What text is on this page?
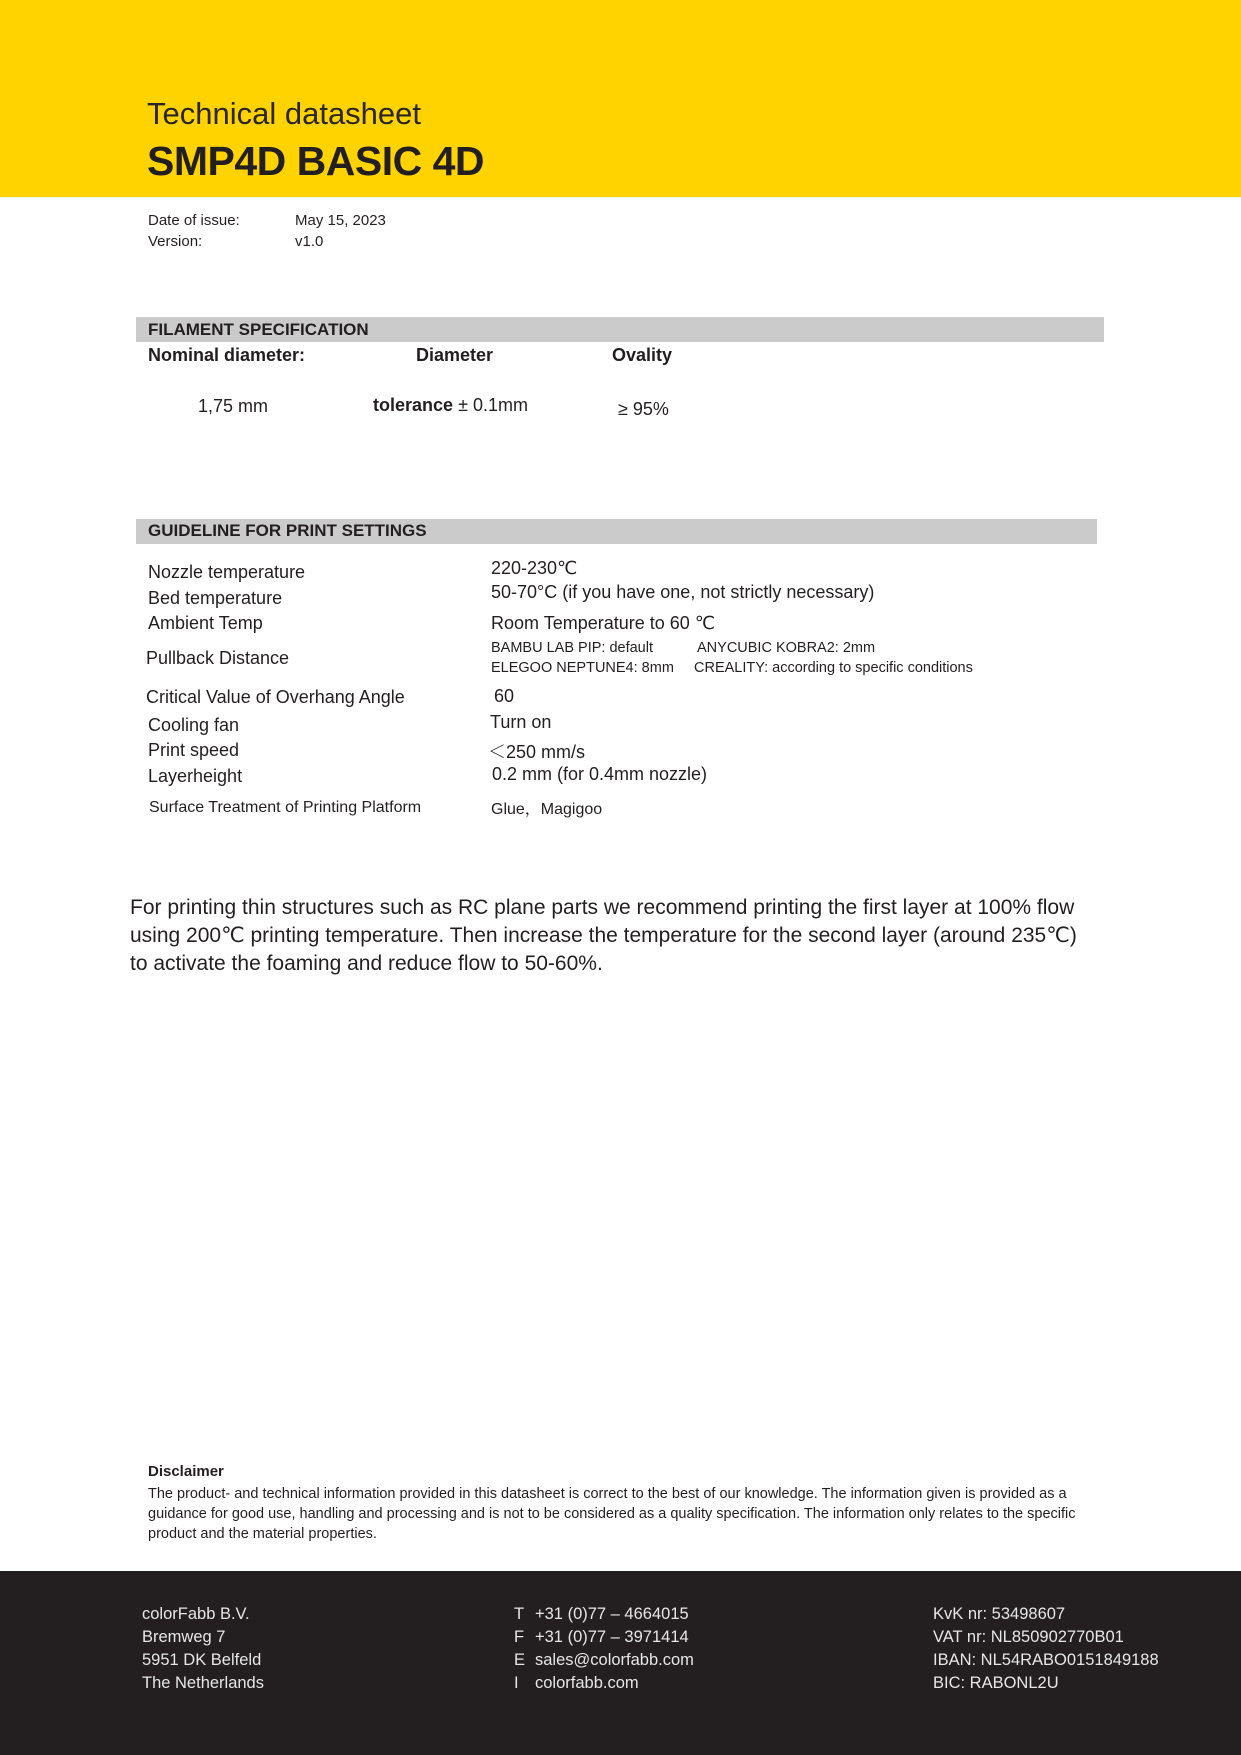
Technical datasheet
SMP4D BASIC 4D
Date of issue:	May 15, 2023
Version:	v1.0
FILAMENT SPECIFICATION
Nominal diameter:	Diameter	Ovality
1,75 mm	tolerance ± 0.1mm	≥ 95%
GUIDELINE FOR PRINT SETTINGS
Nozzle temperature	220-230℃
Bed temperature	50-70°C (if you have one, not strictly necessary)
Ambient Temp	Room Temperature to 60 ℃
Pullback Distance	BAMBU LAB PIP: default	ANYCUBIC KOBRA2: 2mm
ELEGOO NEPTUNE4: 8mm CREALITY: according to specific conditions
Critical Value of Overhang Angle	60
Cooling fan	Turn on
Print speed	＜250 mm/s
Layerheight	0.2 mm (for 0.4mm nozzle)
Surface Treatment of Printing Platform	Glue，Magigoo
For printing thin structures such as RC plane parts we recommend printing the first layer at 100% flow using 200℃ printing temperature. Then increase the temperature for the second layer (around 235℃) to activate the foaming and reduce flow to 50-60%.
Disclaimer
The product- and technical information provided in this datasheet is correct to the best of our knowledge. The information given is provided as a guidance for good use, handling and processing and is not to be considered as a quality specification. The information only relates to the specific product and the material properties.
colorFabb B.V.
Bremweg 7
5951 DK Belfeld
The Netherlands
T +31 (0)77 – 4664015
F +31 (0)77 – 3971414
E sales@colorfabb.com
I colorfabb.com
KvK nr: 53498607
VAT nr: NL850902770B01
IBAN: NL54RABO0151849188
BIC: RABONL2U
